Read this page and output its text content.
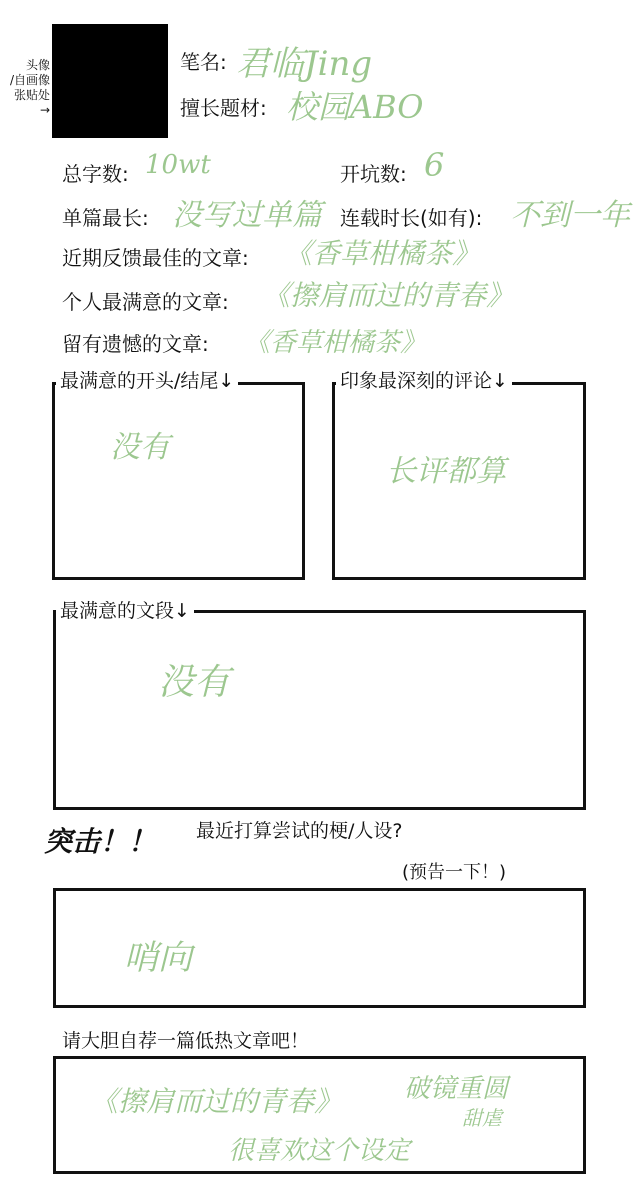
头像
/自画像
张贴处
→
笔名: 君临Jing
擅长题材: 校园ABO
总字数: 10wt	开坑数: 6
单篇最长: 没写过单篇 连载时长(如有): 不到一年
近期反馈最佳的文章: 《香草柑橘茶》
个人最满意的文章: 《擦肩而过的青春》
留有遗憾的文章: 《香草柑橘茶》
最满意的开头/结尾↓
没有
印象最深刻的评论↓
长评都算
最满意的文段↓
没有
突击！！ 最近打算尝试的梗/人设?
(预告一下！)
哨向
请大胆自荐一篇低热文章吧！
《擦肩而过的青春》 破镜重圆
甜虐
很喜欢这个设定
